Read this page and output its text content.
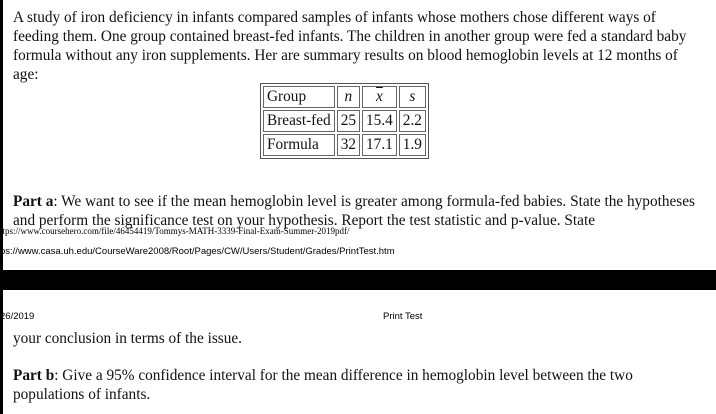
A study of iron deficiency in infants compared samples of infants whose mothers chose different ways of feeding them. One group contained breast-fed infants. The children in another group were fed a standard baby formula without any iron supplements. Her are summary results on blood hemoglobin levels at 12 months of age:

Group	n	$\overline{x}$	s
Breast-fed	25	15.4	2.2
Formula	32	17.1	1.9

Part a: We want to see if the mean hemoglobin level is greater among formula-fed babies. State the hypotheses and perform the significance test on your hypothesis. Report the test statistic and p-value. State

ttps://www.coursehero.com/file/46454419/Tommys-MATH-3339-Final-Exam-Summer-2019pdf/
ps://www.casa.uh.edu/CourseWare2008/Root/Pages/CW/Users/Student/Grades/PrintTest.htm
26/2019	Print Test

your conclusion in terms of the issue.

Part b: Give a 95% confidence interval for the mean difference in hemoglobin level between the two populations of infants.
